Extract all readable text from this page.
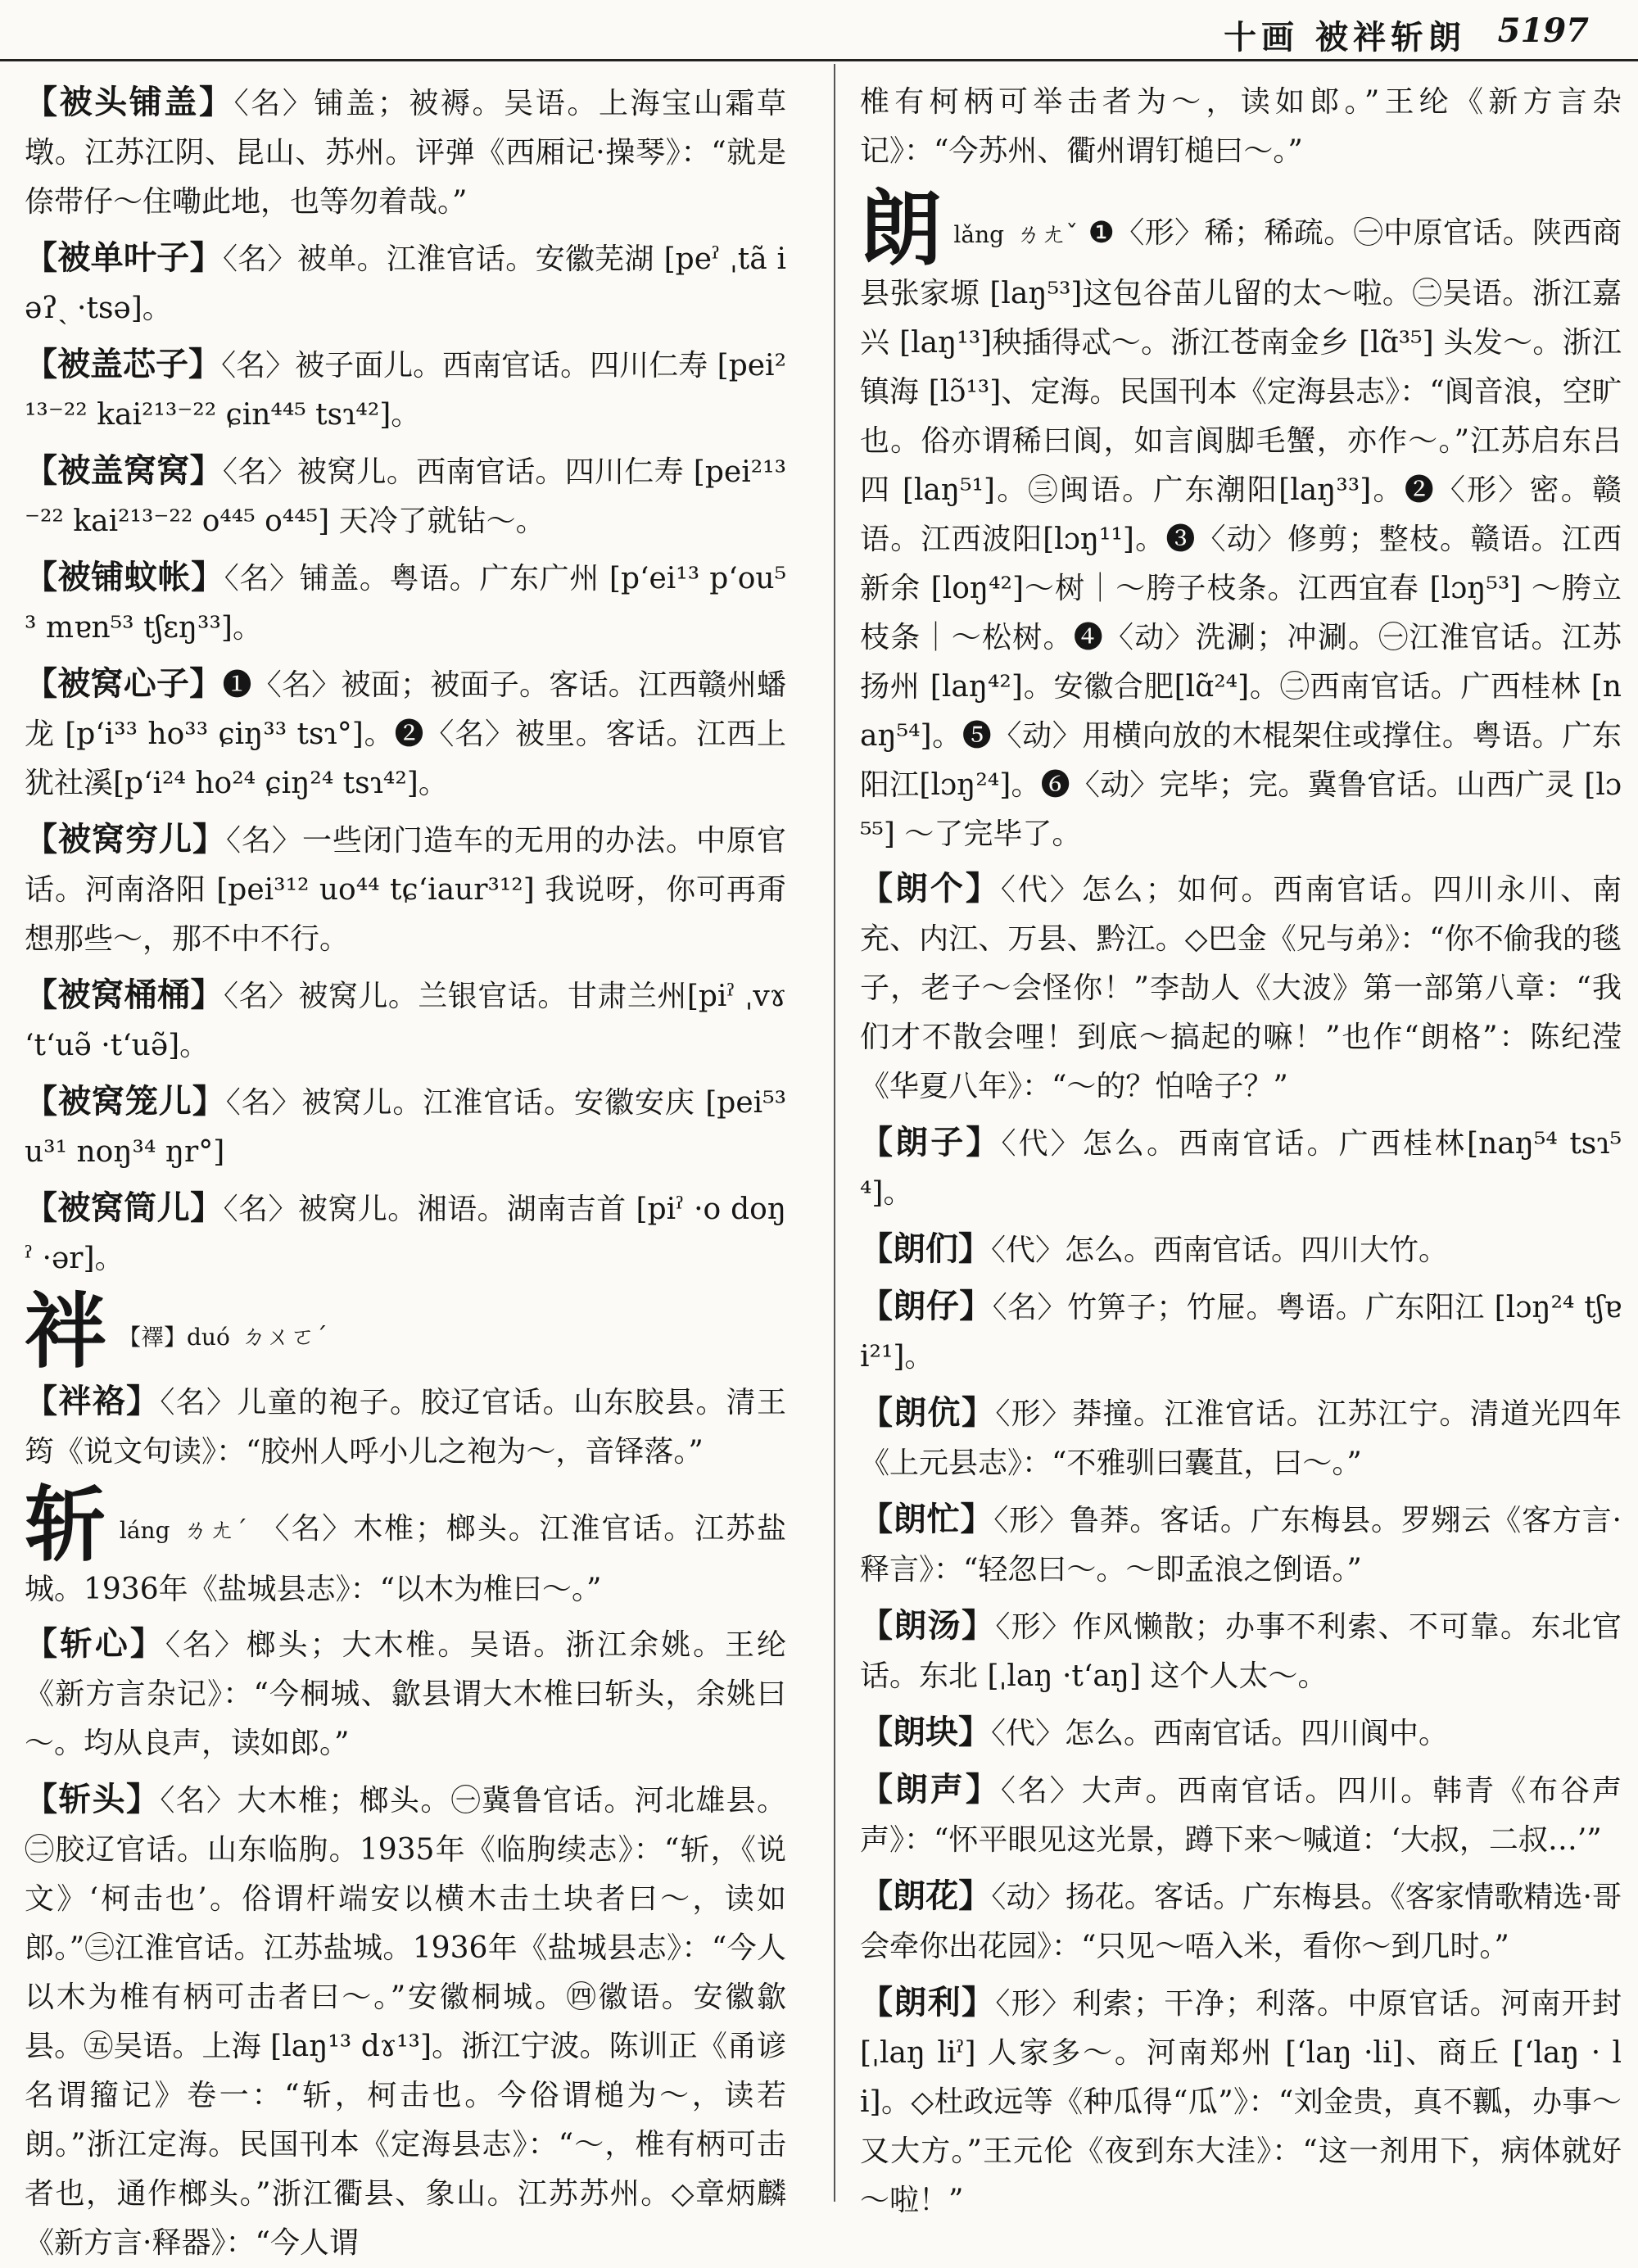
十画 被袢斩朗 5197

【被头铺盖】〈名〉铺盖；被褥。吴语。上海宝山霜草墩。江苏江阴、昆山、苏州。评弹《西厢记·操琴》：“就是倷带仔～住嘞此地，也等勿着哉。”

【被单叶子】〈名〉被单。江淮官话。安徽芜湖 [peˀ ˌtã iəʔˏ ·tsə]。

【被盖芯子】〈名〉被子面儿。西南官话。四川仁寿 [pei²¹³⁻²² kai²¹³⁻²² ɕin⁴⁴⁵ tsɿ⁴²]。

【被盖窝窝】〈名〉被窝儿。西南官话。四川仁寿 [pei²¹³⁻²² kai²¹³⁻²² o⁴⁴⁵ o⁴⁴⁵] 天冷了就钻～。

【被铺蚊帐】〈名〉铺盖。粤语。广东广州 [pʻei¹³ pʻou⁵³ mɐn⁵³ tʃɛŋ³³]。

【被窝心子】❶〈名〉被面；被面子。客话。江西赣州蟠龙 [pʻi³³ ho³³ ɕiŋ³³ tsɿ°]。❷〈名〉被里。客话。江西上犹社溪[pʻi²⁴ ho²⁴ ɕiŋ²⁴ tsɿ⁴²]。

【被窝穷儿】〈名〉一些闭门造车的无用的办法。中原官话。河南洛阳 [pei³¹² uo⁴⁴ tɕʻiaur³¹²] 我说呀，你可再甭想那些～，那不中不行。

【被窝桶桶】〈名〉被窝儿。兰银官话。甘肃兰州[piˀ ˌvɤ ʻtʻuə̃ ·tʻuə̃]。

【被窝笼儿】〈名〉被窝儿。江淮官话。安徽安庆 [pei⁵³ u³¹ noŋ³⁴ ŋr°]

【被窝筒儿】〈名〉被窝儿。湘语。湖南吉首 [piˀ ·o doŋˀ ·ər]。

袢 【襗】duó ㄉㄨㄛˊ

【袢袼】〈名〉儿童的袍子。胶辽官话。山东胶县。清王筠《说文句读》：“胶州人呼小儿之袍为～，音铎落。”

斩láng ㄌㄤˊ 〈名〉木椎；榔头。江淮官话。江苏盐城。1936年《盐城县志》：“以木为椎曰～。”

【斩心】〈名〉榔头；大木椎。吴语。浙江余姚。王纶《新方言杂记》：“今桐城、歙县谓大木椎曰斩头，余姚曰～。均从良声，读如郎。”

【斩头】〈名〉大木椎；榔头。㊀冀鲁官话。河北雄县。㊁胶辽官话。山东临朐。1935年《临朐续志》：“斩，《说文》‘柯击也’。俗谓杆端安以横木击土块者曰～，读如郎。”㊂江淮官话。江苏盐城。1936年《盐城县志》：“今人以木为椎有柄可击者曰～。”安徽桐城。㊃徽语。安徽歙县。㊄吴语。上海 [laŋ¹³ dɤ¹³]。浙江宁波。陈训正《甬谚名谓籀记》卷一：“斩，柯击也。今俗谓槌为～，读若朗。”浙江定海。民国刊本《定海县志》：“～，椎有柄可击者也，通作榔头。”浙江衢县、象山。江苏苏州。◇章炳麟《新方言·释器》：“今人谓

椎有柯柄可举击者为～，读如郎。”王纶《新方言杂记》：“今苏州、衢州谓钉槌曰～。”

朗lǎng ㄌㄤˇ ❶〈形〉稀；稀疏。㊀中原官话。陕西商县张家塬 [laŋ⁵³]这包谷苗儿留的太～啦。㊁吴语。浙江嘉兴 [laŋ¹³]秧插得忒～。浙江苍南金乡 [lɑ̃³⁵] 头发～。浙江镇海 [lɔ̃¹³]、定海。民国刊本《定海县志》：“阆音浪，空旷也。俗亦谓稀曰阆，如言阆脚毛蟹，亦作～。”江苏启东吕四 [laŋ⁵¹]。㊂闽语。广东潮阳[laŋ³³]。❷〈形〉密。赣语。江西波阳[lɔŋ¹¹]。❸〈动〉修剪；整枝。赣语。江西新余 [loŋ⁴²]～树｜～胯子枝条。江西宜春 [lɔŋ⁵³] ～胯立枝条｜～松树。❹〈动〉洗涮；冲涮。㊀江淮官话。江苏扬州 [laŋ⁴²]。安徽合肥[lɑ̃²⁴]。㊁西南官话。广西桂林 [naŋ⁵⁴]。❺〈动〉用横向放的木棍架住或撑住。粤语。广东阳江[lɔŋ²⁴]。❻〈动〉完毕；完。冀鲁官话。山西广灵 [lɔ⁵⁵] ～了完毕了。

【朗个】〈代〉怎么；如何。西南官话。四川永川、南充、内江、万县、黔江。◇巴金《兄与弟》：“你不偷我的毯子，老子～会怪你！”李劼人《大波》第一部第八章：“我们才不散会哩！到底～搞起的嘛！”也作“朗格”：陈纪滢《华夏八年》：“～的？怕啥子？”

【朗子】〈代〉怎么。西南官话。广西桂林[naŋ⁵⁴ tsɿ⁵⁴]。

【朗们】〈代〉怎么。西南官话。四川大竹。

【朗仔】〈名〉竹箅子；竹屉。粤语。广东阳江 [lɔŋ²⁴ tʃɐi²¹]。

【朗伉】〈形〉莽撞。江淮官话。江苏江宁。清道光四年《上元县志》：“不雅驯曰囊苴，曰～。”

【朗忙】〈形〉鲁莽。客话。广东梅县。罗翙云《客方言·释言》：“轻忽曰～。～即孟浪之倒语。”

【朗汤】〈形〉作风懒散；办事不利索、不可靠。东北官话。东北 [ˌlaŋ ·tʻaŋ] 这个人太～。

【朗块】〈代〉怎么。西南官话。四川阆中。

【朗声】〈名〉大声。西南官话。四川。韩青《布谷声声》：“怀平眼见这光景，蹲下来～喊道：‘大叔，二叔…’”

【朗花】〈动〉扬花。客话。广东梅县。《客家情歌精选·哥会牵你出花园》：“只见～唔入米，看你～到几时。”

【朗利】〈形〉利索；干净；利落。中原官话。河南开封 [ˌlaŋ liˀ] 人家多～。河南郑州 [ʻlaŋ ·li]、商丘 [ʻlaŋ · li]。◇杜政远等《种瓜得“瓜”》：“刘金贵，真不瓤，办事～又大方。”王元伦《夜到东大洼》：“这一剂用下，病体就好～啦！”
